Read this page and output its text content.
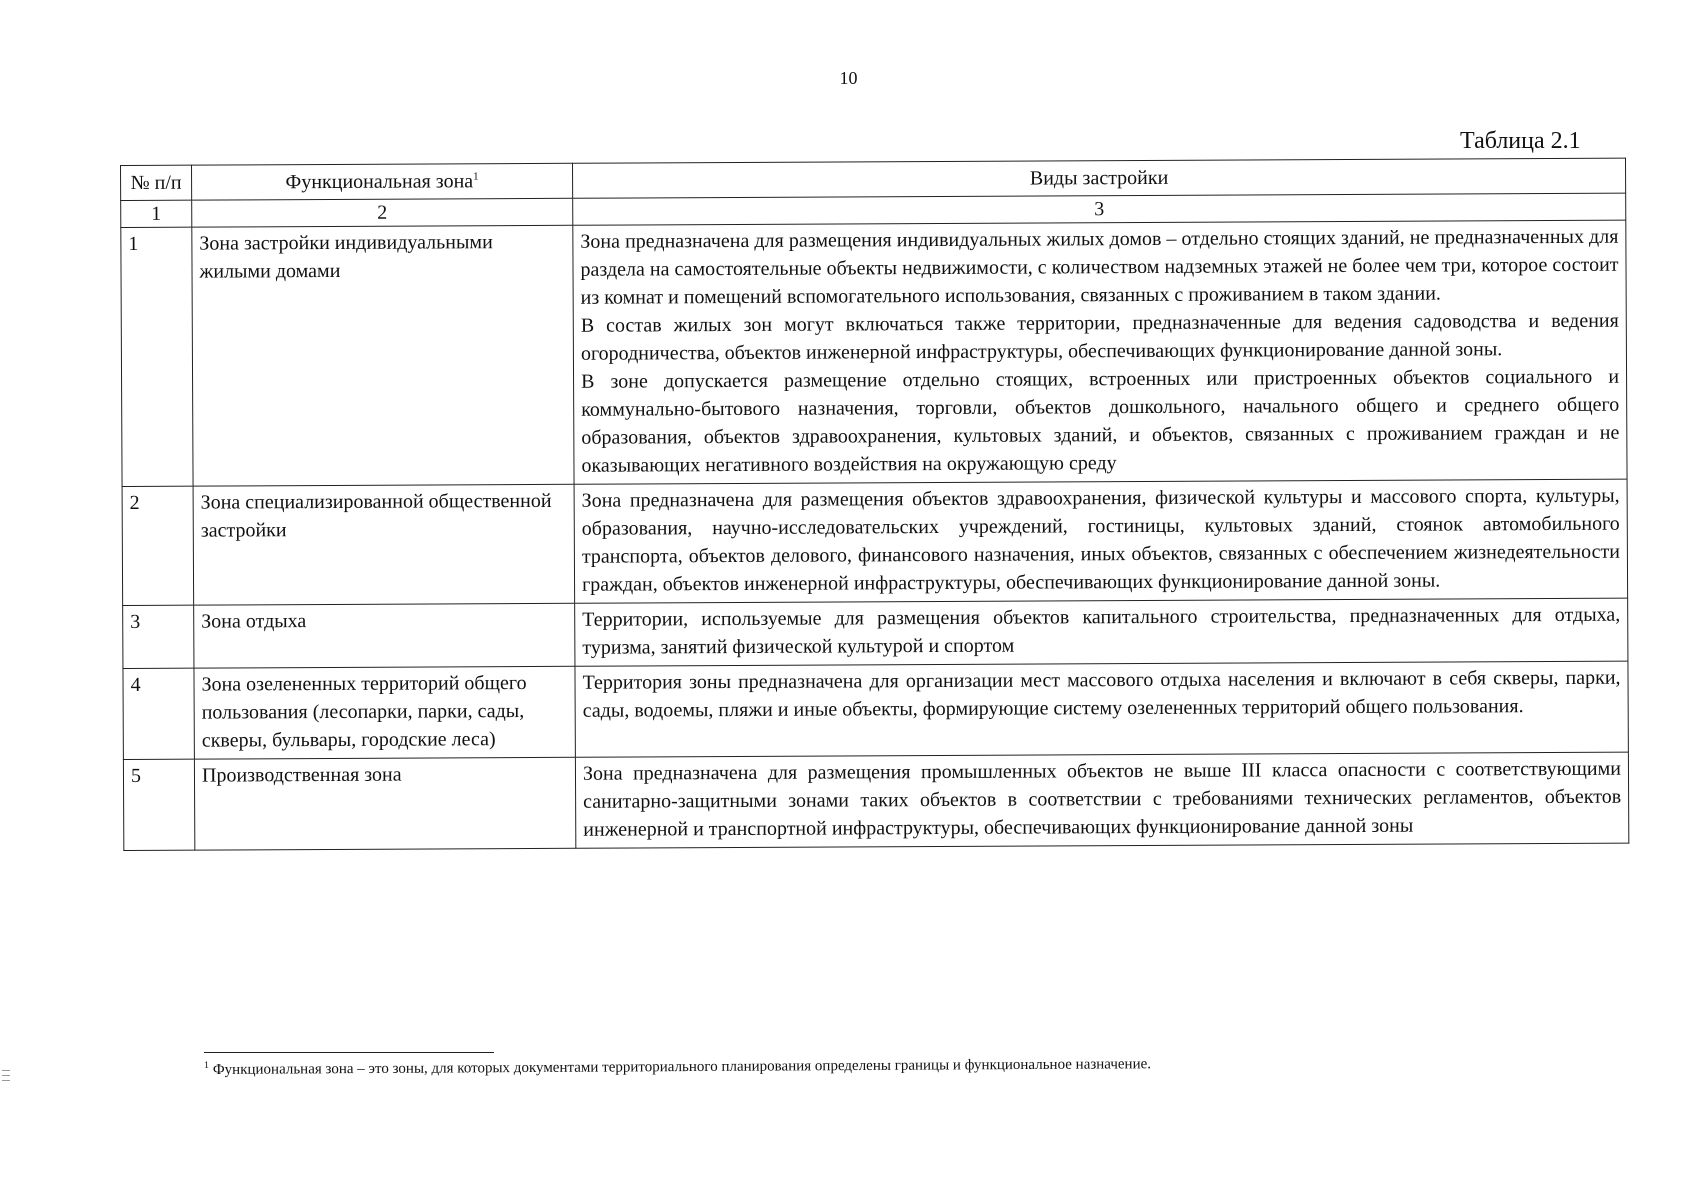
10
Таблица 2.1
№ п/п	Функциональная зона$^1$	Виды застройки
1	2	3
1	Зона застройки индивидуальными жилыми домами	Зона предназначена для размещения индивидуальных жилых домов – отдельно стоящих зданий, не предназначенных для раздела на самостоятельные объекты недвижимости, с количеством надземных этажей не более чем три, которое состоит из комнат и помещений вспомогательного использования, связанных с проживанием в таком здании.

В состав жилых зон могут включаться также территории, предназначенные для ведения садоводства и ведения огородничества, объектов инженерной инфраструктуры, обеспечивающих функционирование данной зоны.

В зоне допускается размещение отдельно стоящих, встроенных или пристроенных объектов социального и коммунально-бытового назначения, торговли, объектов дошкольного, начального общего и среднего общего образования, объектов здравоохранения, культовых зданий, и объектов, связанных с проживанием граждан и не оказывающих негативного воздействия на окружающую среду

2	Зона специализированной общественной застройки	Зона предназначена для размещения объектов здравоохранения, физической культуры и массового спорта, культуры, образования, научно-исследовательских учреждений, гостиницы, культовых зданий, стоянок автомобильного транспорта, объектов делового, финансового назначения, иных объектов, связанных с обеспечением жизнедеятельности граждан, объектов инженерной инфраструктуры, обеспечивающих функционирование данной зоны.

3	Зона отдыха	Территории, используемые для размещения объектов капитального строительства, предназначенных для отдыха, туризма, занятий физической культурой и спортом

4	Зона озелененных территорий общего пользования (лесопарки, парки, сады, скверы, бульвары, городские леса)	Территория зоны предназначена для организации мест массового отдыха населения и включают в себя скверы, парки, сады, водоемы, пляжи и иные объекты, формирующие систему озелененных территорий общего пользования.

5	Производственная зона	Зона предназначена для размещения промышленных объектов не выше III класса опасности с соответствующими санитарно-защитными зонами таких объектов в соответствии с требованиями технических регламентов, объектов инженерной и транспортной инфраструктуры, обеспечивающих функционирование данной зоны

$^1$ Функциональная зона – это зоны, для которых документами территориального планирования определены границы и функциональное назначение.
